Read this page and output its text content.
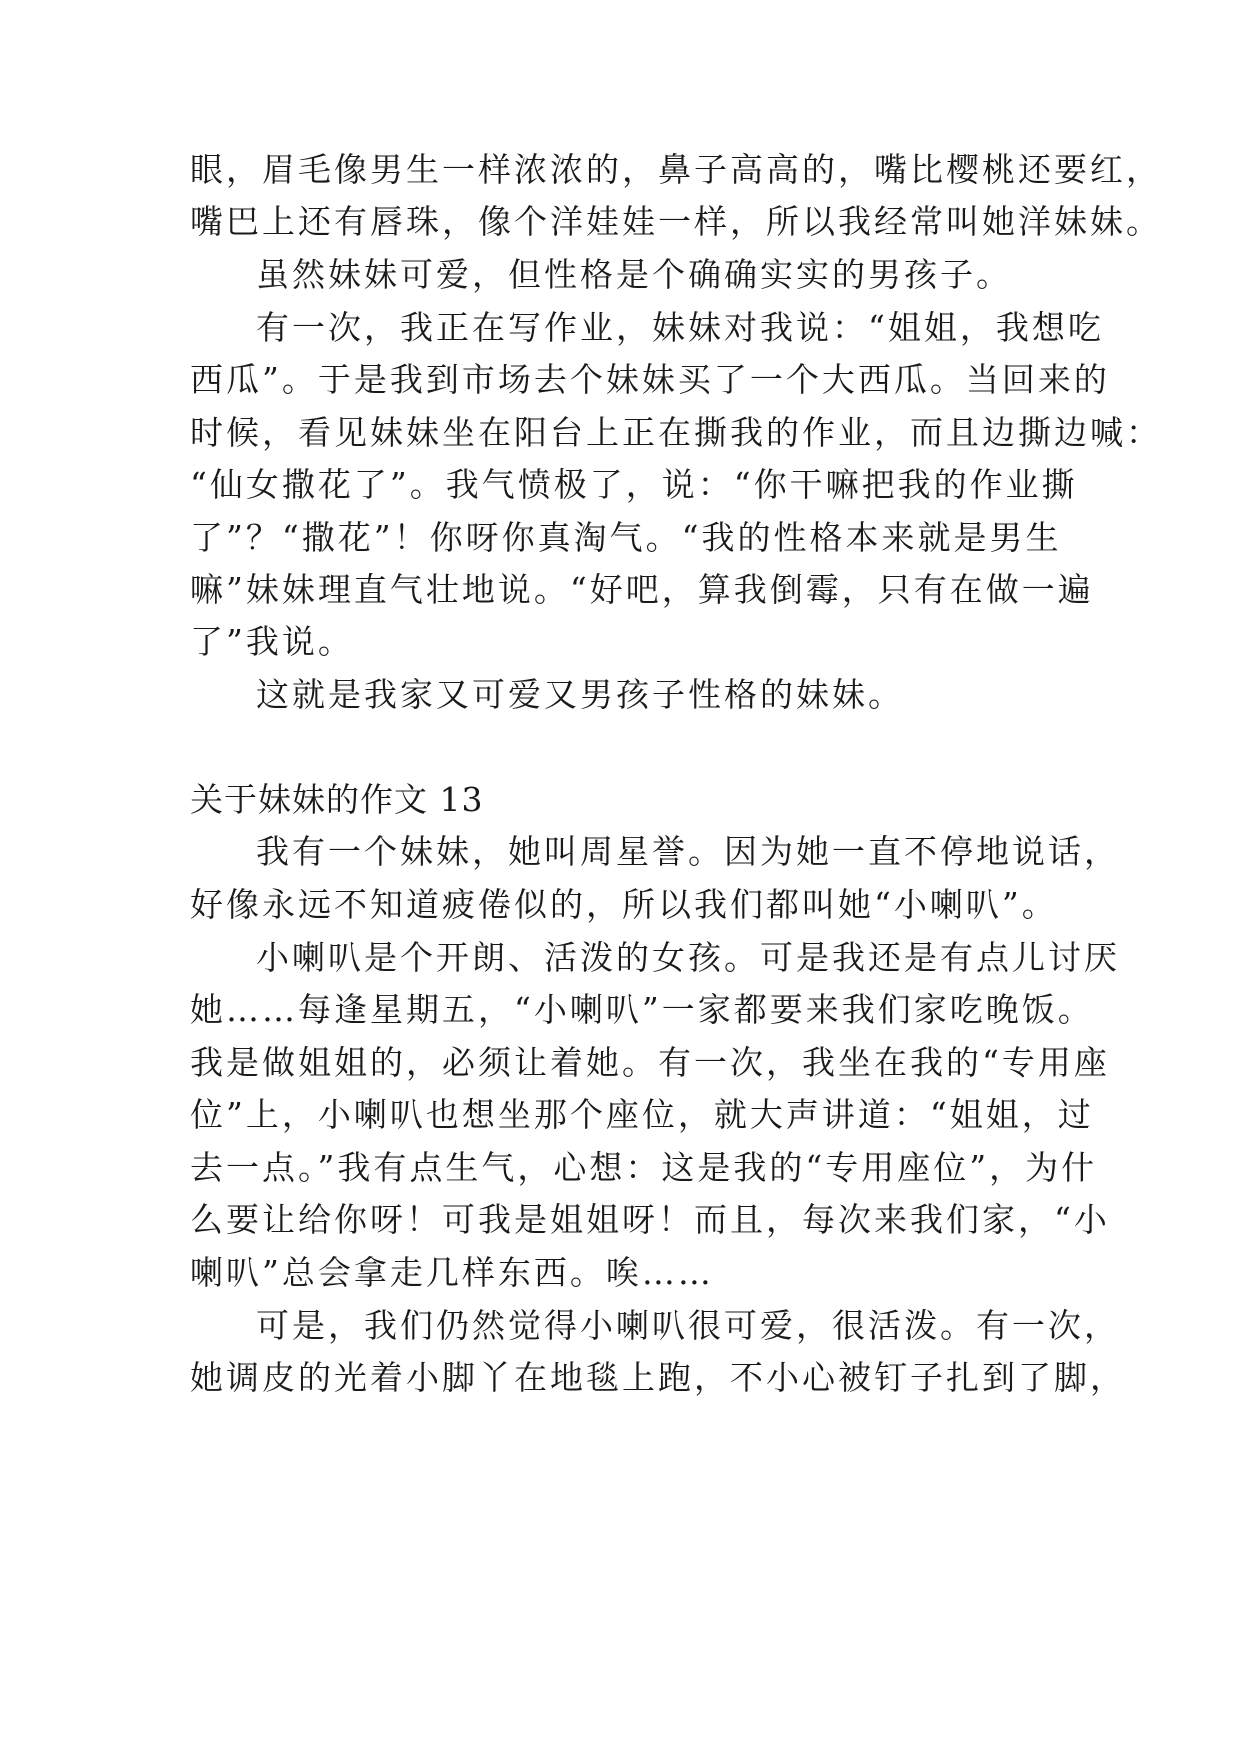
眼，眉毛像男生一样浓浓的，鼻子高高的，嘴比樱桃还要红，
嘴巴上还有唇珠，像个洋娃娃一样，所以我经常叫她洋妹妹。
虽然妹妹可爱，但性格是个确确实实的男孩子。
有一次，我正在写作业，妹妹对我说：“姐姐，我想吃
西瓜”。于是我到市场去个妹妹买了一个大西瓜。当回来的
时候，看见妹妹坐在阳台上正在撕我的作业，而且边撕边喊：
“仙女撒花了”。我气愤极了，说：“你干嘛把我的作业撕
了”？“撒花”！你呀你真淘气。“我的性格本来就是男生
嘛”妹妹理直气壮地说。“好吧，算我倒霉，只有在做一遍
了”我说。
这就是我家又可爱又男孩子性格的妹妹。
关于妹妹的作文 13
我有一个妹妹，她叫周星誉。因为她一直不停地说话，
好像永远不知道疲倦似的，所以我们都叫她“小喇叭”。
小喇叭是个开朗、活泼的女孩。可是我还是有点儿讨厌
她……每逢星期五，“小喇叭”一家都要来我们家吃晚饭。
我是做姐姐的，必须让着她。有一次，我坐在我的“专用座
位”上，小喇叭也想坐那个座位，就大声讲道：“姐姐，过
去一点。”我有点生气，心想：这是我的“专用座位”，为什
么要让给你呀！可我是姐姐呀！而且，每次来我们家，“小
喇叭”总会拿走几样东西。唉……
可是，我们仍然觉得小喇叭很可爱，很活泼。有一次，
她调皮的光着小脚丫在地毯上跑，不小心被钉子扎到了脚，
